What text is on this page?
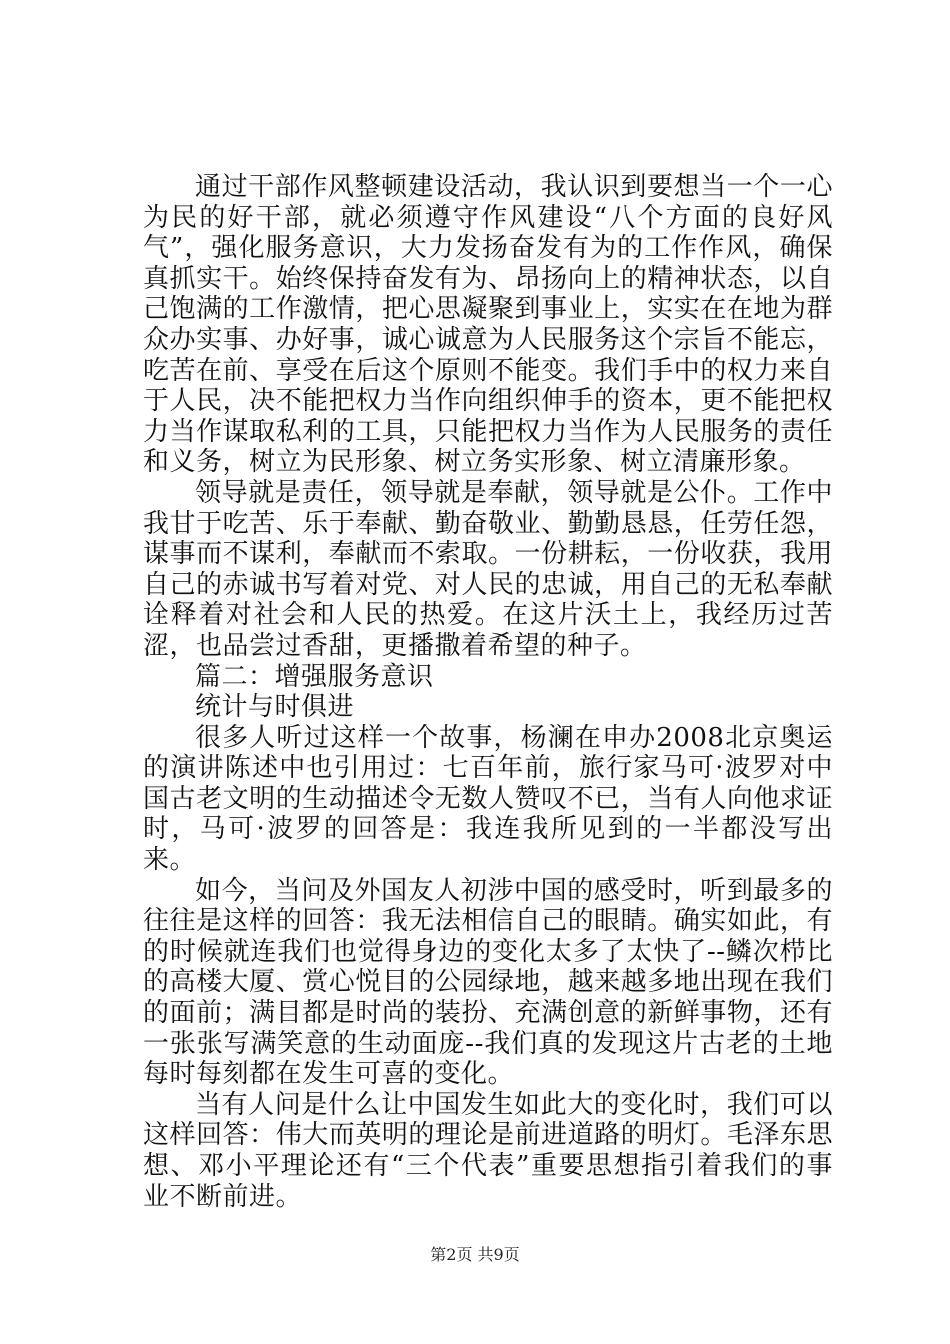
通过干部作风整顿建设活动，我认识到要想当一个一心为民的好干部，就必须遵守作风建设“八个方面的良好风气”，强化服务意识，大力发扬奋发有为的工作作风，确保真抓实干。始终保持奋发有为、昂扬向上的精神状态，以自己饱满的工作激情，把心思凝聚到事业上，实实在在地为群众办实事、办好事，诚心诚意为人民服务这个宗旨不能忘，吃苦在前、享受在后这个原则不能变。我们手中的权力来自于人民，决不能把权力当作向组织伸手的资本，更不能把权力当作谋取私利的工具，只能把权力当作为人民服务的责任和义务，树立为民形象、树立务实形象、树立清廉形象。

领导就是责任，领导就是奉献，领导就是公仆。工作中我甘于吃苦、乐于奉献、勤奋敬业、勤勤恳恳，任劳任怨，谋事而不谋利，奉献而不索取。一份耕耘，一份收获，我用自己的赤诚书写着对党、对人民的忠诚，用自己的无私奉献诠释着对社会和人民的热爱。在这片沃土上，我经历过苦涩，也品尝过香甜，更播撒着希望的种子。

篇二：增强服务意识

统计与时俱进

很多人听过这样一个故事，杨澜在申办2008北京奥运的演讲陈述中也引用过：七百年前，旅行家马可·波罗对中国古老文明的生动描述令无数人赞叹不已，当有人向他求证时，马可·波罗的回答是：我连我所见到的一半都没写出来。

如今，当问及外国友人初涉中国的感受时，听到最多的往往是这样的回答：我无法相信自己的眼睛。确实如此，有的时候就连我们也觉得身边的变化太多了太快了--鳞次栉比的高楼大厦、赏心悦目的公园绿地，越来越多地出现在我们的面前；满目都是时尚的装扮、充满创意的新鲜事物，还有一张张写满笑意的生动面庞--我们真的发现这片古老的土地每时每刻都在发生可喜的变化。

当有人问是什么让中国发生如此大的变化时，我们可以这样回答：伟大而英明的理论是前进道路的明灯。毛泽东思想、邓小平理论还有“三个代表”重要思想指引着我们的事业不断前进。

第2页 共9页
